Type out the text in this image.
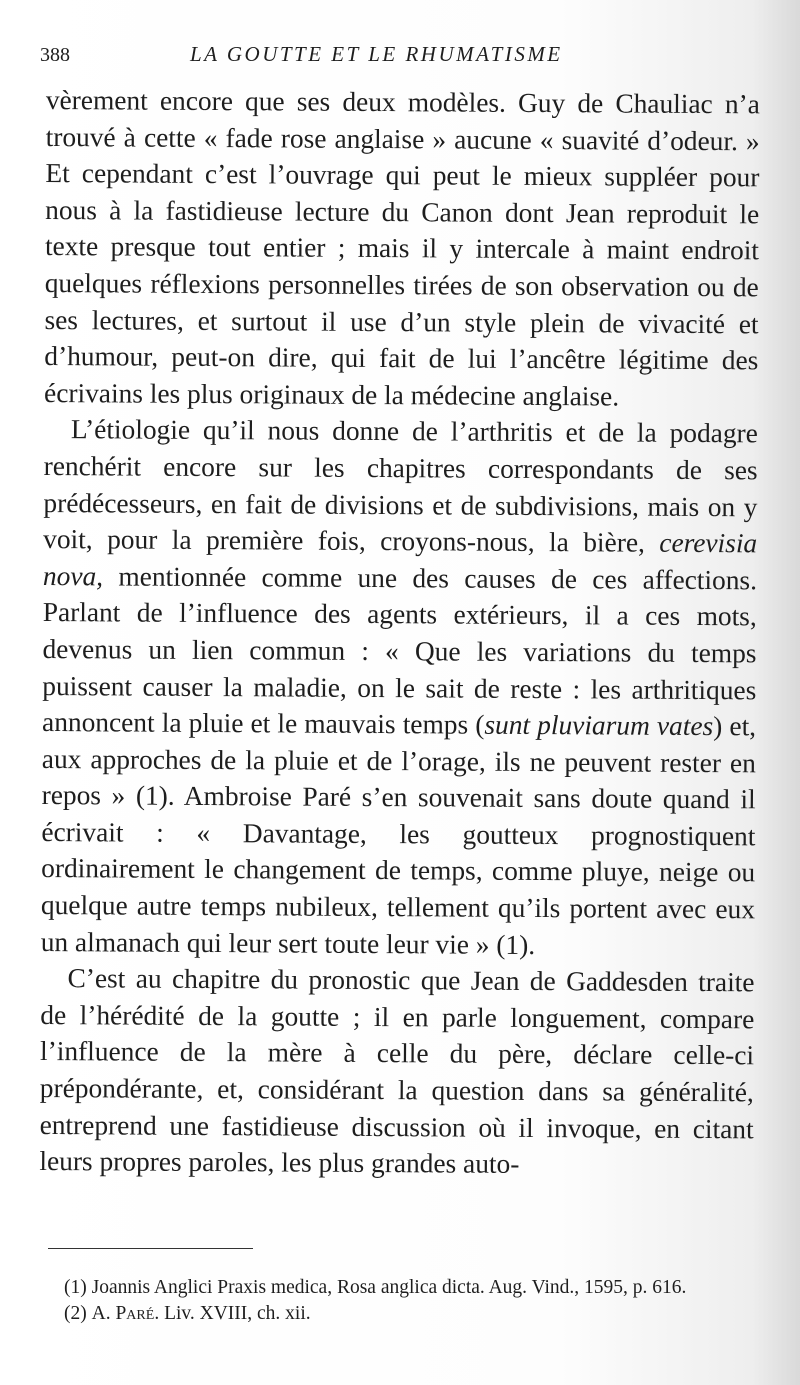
388	LA GOUTTE ET LE RHUMATISME

vèrement encore que ses deux modèles. Guy de Chauliac n’a trouvé à cette « fade rose anglaise » aucune « suavité d’odeur. » Et cependant c’est l’ouvrage qui peut le mieux suppléer pour nous à la fastidieuse lecture du Canon dont Jean reproduit le texte presque tout entier ; mais il y intercale à maint endroit quelques réflexions personnelles tirées de son observation ou de ses lectures, et surtout il use d’un style plein de vivacité et d’humour, peut-on dire, qui fait de lui l’ancêtre légitime des écrivains les plus originaux de la médecine anglaise.

L’étiologie qu’il nous donne de l’arthritis et de la podagre renchérit encore sur les chapitres correspondants de ses prédécesseurs, en fait de divisions et de subdivisions, mais on y voit, pour la première fois, croyons-nous, la bière, cerevisia nova, mentionnée comme une des causes de ces affections. Parlant de l’influence des agents extérieurs, il a ces mots, devenus un lien commun : « Que les variations du temps puissent causer la maladie, on le sait de reste : les arthritiques annoncent la pluie et le mauvais temps (sunt pluviarum vates) et, aux approches de la pluie et de l’orage, ils ne peuvent rester en repos » (1). Ambroise Paré s’en souvenait sans doute quand il écrivait : « Davantage, les goutteux prognostiquent ordinairement le changement de temps, comme pluye, neige ou quelque autre temps nubileux, tellement qu’ils portent avec eux un almanach qui leur sert toute leur vie » (1).

C’est au chapitre du pronostic que Jean de Gaddesden traite de l’hérédité de la goutte ; il en parle longuement, compare l’influence de la mère à celle du père, déclare celle-ci prépondérante, et, considérant la question dans sa généralité, entreprend une fastidieuse discussion où il invoque, en citant leurs propres paroles, les plus grandes auto-

(1) Joannis Anglici Praxis medica, Rosa anglica dicta. Aug. Vind., 1595, p. 616.

(2) A. Paré. Liv. XVIII, ch. xii.
